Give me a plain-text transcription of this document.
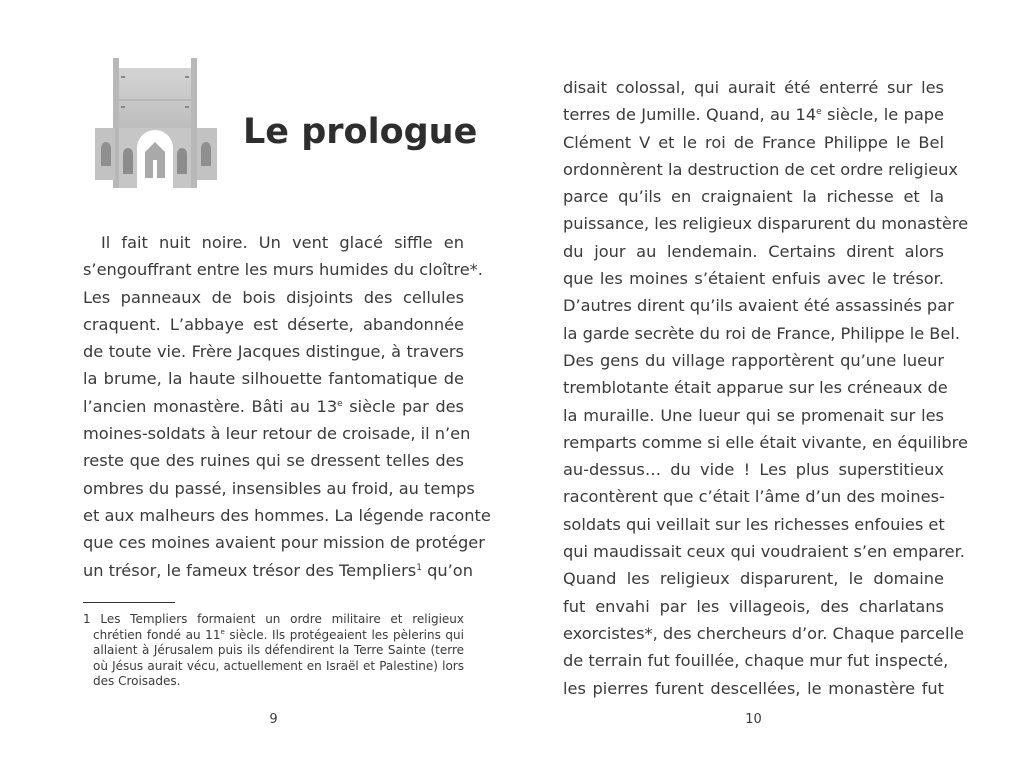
Le prologue

Il fait nuit noire. Un vent glacé siffle en
s’engouffrant entre les murs humides du cloître*.
Les panneaux de bois disjoints des cellules
craquent. L’abbaye est déserte, abandonnée
de toute vie. Frère Jacques distingue, à travers
la brume, la haute silhouette fantomatique de
l’ancien monastère. Bâti au 13e siècle par des
moines-soldats à leur retour de croisade, il n’en
reste que des ruines qui se dressent telles des
ombres du passé, insensibles au froid, au temps
et aux malheurs des hommes. La légende raconte
que ces moines avaient pour mission de protéger
un trésor, le fameux trésor des Templiers$^1$ qu’on

1 Les Templiers formaient un ordre militaire et religieux
chrétien fondé au 11e siècle. Ils protégeaient les pèlerins qui
allaient à Jérusalem puis ils défendirent la Terre Sainte (terre
où Jésus aurait vécu, actuellement en Israël et Palestine) lors
des Croisades.
9
disait colossal, qui aurait été enterré sur les
terres de Jumille. Quand, au 14e siècle, le pape
Clément V et le roi de France Philippe le Bel
ordonnèrent la destruction de cet ordre religieux
parce qu’ils en craignaient la richesse et la
puissance, les religieux disparurent du monastère
du jour au lendemain. Certains dirent alors
que les moines s’étaient enfuis avec le trésor.
D’autres dirent qu’ils avaient été assassinés par
la garde secrète du roi de France, Philippe le Bel.
Des gens du village rapportèrent qu’une lueur
tremblotante était apparue sur les créneaux de
la muraille. Une lueur qui se promenait sur les
remparts comme si elle était vivante, en équilibre
au-dessus… du vide ! Les plus superstitieux
racontèrent que c’était l’âme d’un des moines-
soldats qui veillait sur les richesses enfouies et
qui maudissait ceux qui voudraient s’en emparer.
Quand les religieux disparurent, le domaine
fut envahi par les villageois, des charlatans
exorcistes*, des chercheurs d’or. Chaque parcelle
de terrain fut fouillée, chaque mur fut inspecté,
les pierres furent descellées, le monastère fut
10
